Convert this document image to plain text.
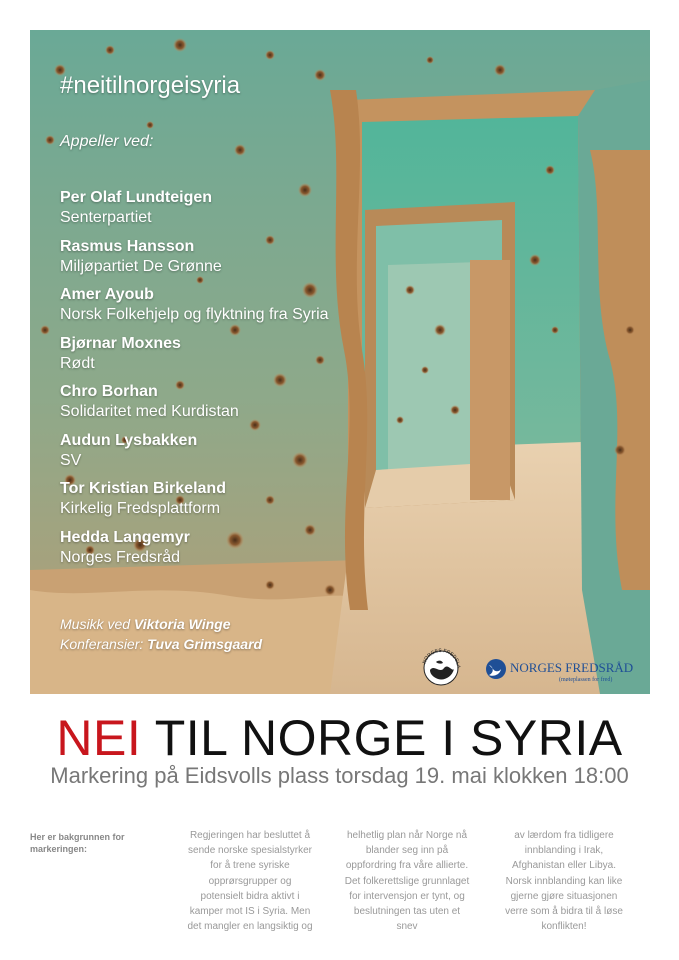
#neitilnorgeisyria
Appeller ved:
Per Olaf Lundteigen
Senterpartiet
Rasmus Hansson
Miljøpartiet De Grønne
Amer Ayoub
Norsk Folkehjelp og flyktning fra Syria
Bjørnar Moxnes
Rødt
Chro Borhan
Solidaritet med Kurdistan
Audun Lysbakken
SV
Tor Kristian Birkeland
Kirkelig Fredsplattform
Hedda Langemyr
Norges Fredsråd
Musikk ved Viktoria Winge
Konferansier: Tuva Grimsgaard
NORGES FREDSLA	NORGES FREDSRÅD
(møteplassen for fred)
NEI TIL NORGE I SYRIA
Markering på Eidsvolls plass torsdag 19. mai klokken 18:00
Her er bakgrunnen for markeringen:
Regjeringen har besluttet å sende norske spesialstyrker for å trene syriske opprørsgrupper og potensielt bidra aktivt i kamper mot IS i Syria. Men det mangler en langsiktig og
helhetlig plan når Norge nå blander seg inn på oppfordring fra våre allierte. Det folkerettslige grunnlaget for intervensjon er tynt, og beslutningen tas uten et snev
av lærdom fra tidligere innblanding i Irak, Afghanistan eller Libya. Norsk innblanding kan like gjerne gjøre situasjonen verre som å bidra til å løse konflikten!
